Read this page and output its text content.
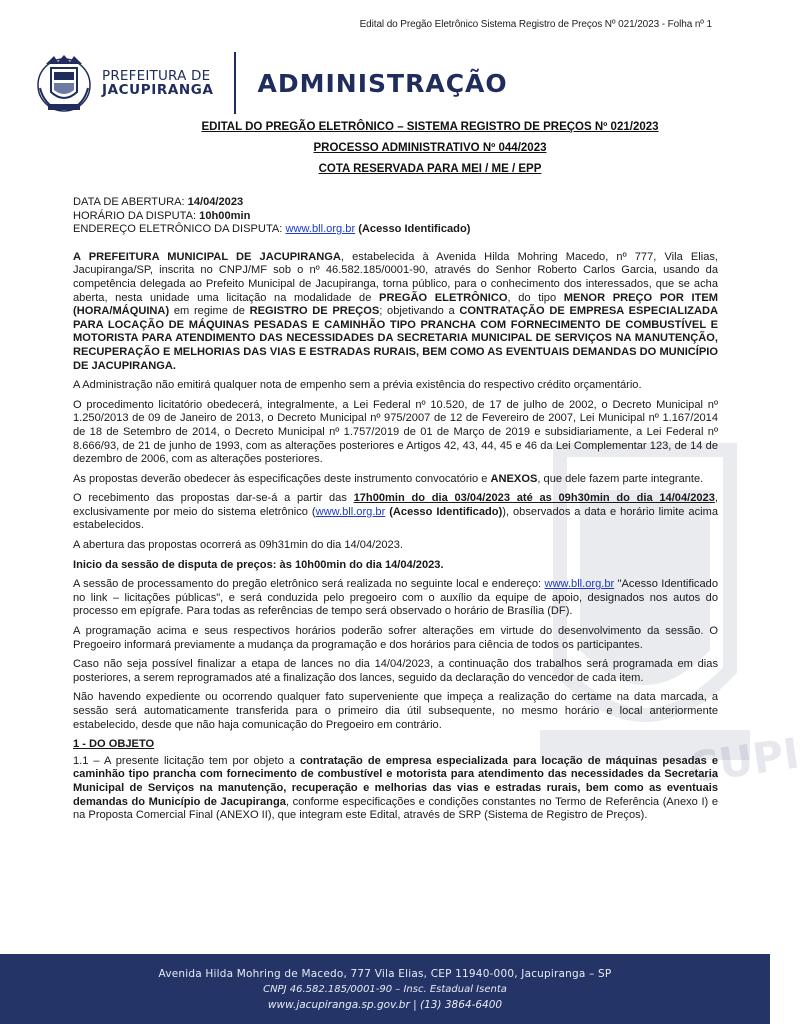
CUPI
Edital do Pregão Eletrônico Sistema Registro de Preços Nº 021/2023 - Folha nº 1
PREFEITURA DE
JACUPIRANGA ADMINISTRAÇÃO
EDITAL DO PREGÃO ELETRÔNICO – SISTEMA REGISTRO DE PREÇOS Nº 021/2023
PROCESSO ADMINISTRATIVO Nº 044/2023
COTA RESERVADA PARA MEI / ME / EPP

DATA DE ABERTURA: 14/04/2023

HORÁRIO DA DISPUTA: 10h00min

ENDEREÇO ELETRÔNICO DA DISPUTA: www.bll.org.br (Acesso Identificado)

A PREFEITURA MUNICIPAL DE JACUPIRANGA, estabelecida à Avenida Hilda Mohring Macedo, nº 777, Vila Elias, Jacupiranga/SP, inscrita no CNPJ/MF sob o nº 46.582.185/0001-90, através do Senhor Roberto Carlos Garcia, usando da competência delegada ao Prefeito Municipal de Jacupiranga, torna público, para o conhecimento dos interessados, que se acha aberta, nesta unidade uma licitação na modalidade de PREGÃO ELETRÔNICO, do tipo MENOR PREÇO POR ITEM (HORA/MÁQUINA) em regime de REGISTRO DE PREÇOS; objetivando a CONTRATAÇÃO DE EMPRESA ESPECIALIZADA PARA LOCAÇÃO DE MÁQUINAS PESADAS E CAMINHÃO TIPO PRANCHA COM FORNECIMENTO DE COMBUSTÍVEL E MOTORISTA PARA ATENDIMENTO DAS NECESSIDADES DA SECRETARIA MUNICIPAL DE SERVIÇOS NA MANUTENÇÃO, RECUPERAÇÃO E MELHORIAS DAS VIAS E ESTRADAS RURAIS, BEM COMO AS EVENTUAIS DEMANDAS DO MUNICÍPIO DE JACUPIRANGA.

A Administração não emitirá qualquer nota de empenho sem a prévia existência do respectivo crédito orçamentário.

O procedimento licitatório obedecerá, integralmente, a Lei Federal nº 10.520, de 17 de julho de 2002, o Decreto Municipal nº 1.250/2013 de 09 de Janeiro de 2013, o Decreto Municipal nº 975/2007 de 12 de Fevereiro de 2007, Lei Municipal nº 1.167/2014 de 18 de Setembro de 2014, o Decreto Municipal nº 1.757/2019 de 01 de Março de 2019 e subsidiariamente, a Lei Federal nº 8.666/93, de 21 de junho de 1993, com as alterações posteriores e Artigos 42, 43, 44, 45 e 46 da Lei Complementar 123, de 14 de dezembro de 2006, com as alterações posteriores.

As propostas deverão obedecer às especificações deste instrumento convocatório e ANEXOS, que dele fazem parte integrante.

O recebimento das propostas dar-se-á a partir das 17h00min do dia 03/04/2023 até as 09h30min do dia 14/04/2023, exclusivamente por meio do sistema eletrônico (www.bll.org.br (Acesso Identificado)), observados a data e horário limite acima estabelecidos.

A abertura das propostas ocorrerá as 09h31min do dia 14/04/2023.

Inicio da sessão de disputa de preços: às 10h00min do dia 14/04/2023.

A sessão de processamento do pregão eletrônico será realizada no seguinte local e endereço: www.bll.org.br "Acesso Identificado no link – licitações públicas", e será conduzida pelo pregoeiro com o auxílio da equipe de apoio, designados nos autos do processo em epígrafe. Para todas as referências de tempo será observado o horário de Brasília (DF).

A programação acima e seus respectivos horários poderão sofrer alterações em virtude do desenvolvimento da sessão. O Pregoeiro informará previamente a mudança da programação e dos horários para ciência de todos os participantes.

Caso não seja possível finalizar a etapa de lances no dia 14/04/2023, a continuação dos trabalhos será programada em dias posteriores, a serem reprogramados até a finalização dos lances, seguido da declaração do vencedor de cada item.

Não havendo expediente ou ocorrendo qualquer fato superveniente que impeça a realização do certame na data marcada, a sessão será automaticamente transferida para o primeiro dia útil subsequente, no mesmo horário e local anteriormente estabelecido, desde que não haja comunicação do Pregoeiro em contrário.

1 - DO OBJETO

1.1 – A presente licitação tem por objeto a contratação de empresa especializada para locação de máquinas pesadas e caminhão tipo prancha com fornecimento de combustível e motorista para atendimento das necessidades da Secretaria Municipal de Serviços na manutenção, recuperação e melhorias das vias e estradas rurais, bem como as eventuais demandas do Município de Jacupiranga, conforme especificações e condições constantes no Termo de Referência (Anexo I) e na Proposta Comercial Final (ANEXO II), que integram este Edital, através de SRP (Sistema de Registro de Preços).

Avenida Hilda Mohring de Macedo, 777 Vila Elias, CEP 11940-000, Jacupiranga – SP
CNPJ 46.582.185/0001-90 – Insc. Estadual Isenta
www.jacupiranga.sp.gov.br | (13) 3864-6400
